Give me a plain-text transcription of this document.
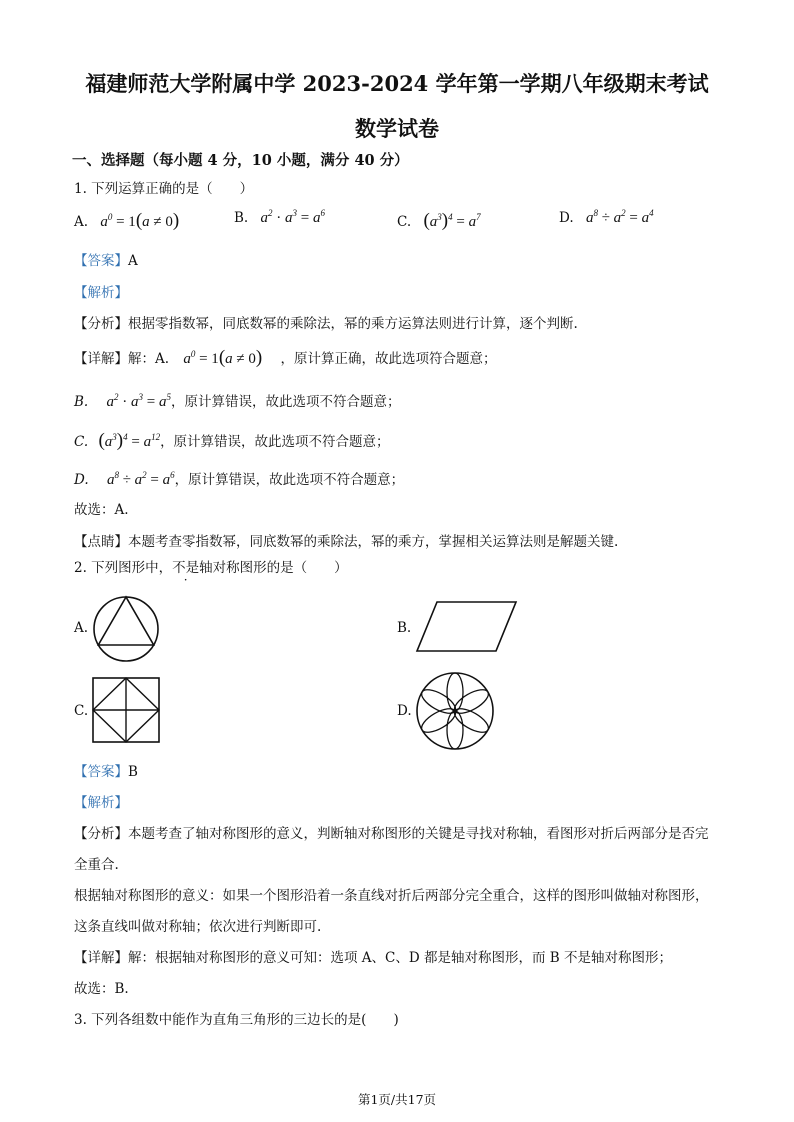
福建师范大学附属中学 2023-2024 学年第一学期八年级期末考试
数学试卷
一、选择题（每小题 4 分，10 小题，满分 40 分）
1. 下列运算正确的是（　　）
A. $a^0 = 1(a \ne 0)$	B. $a^2 \cdot a^3 = a^6$
C. $(a^3)^4 = a^7$	D. $a^8 \div a^2 = a^4$
【答案】A
【解析】
【分析】根据零指数幂，同底数幂的乘除法，幂的乘方运算法则进行计算，逐个判断.
【详解】解：A. $a^0 = 1(a \ne 0)$ ，原计算正确，故此选项符合题意；
B. $a^2 \cdot a^3 = a^5$，原计算错误，故此选项不符合题意；
C. $(a^3)^4 = a^{12}$，原计算错误，故此选项不符合题意；
D. $a^8 \div a^2 = a^6$，原计算错误，故此选项不符合题意；
故选：A.
【点睛】本题考查零指数幂，同底数幂的乘除法，幂的乘方，掌握相关运算法则是解题关键.
2. 下列图形中，不是轴对称图形的是（　　）
A.	B.
C.	D.
【答案】B
【解析】
【分析】本题考查了轴对称图形的意义，判断轴对称图形的关键是寻找对称轴，看图形对折后两部分是否完
全重合.
根据轴对称图形的意义：如果一个图形沿着一条直线对折后两部分完全重合，这样的图形叫做轴对称图形，
这条直线叫做对称轴；依次进行判断即可.
【详解】解：根据轴对称图形的意义可知：选项 A、C、D 都是轴对称图形，而 B 不是轴对称图形；
故选：B.
3. 下列各组数中能作为直角三角形的三边长的是(　　)
第1页/共17页
